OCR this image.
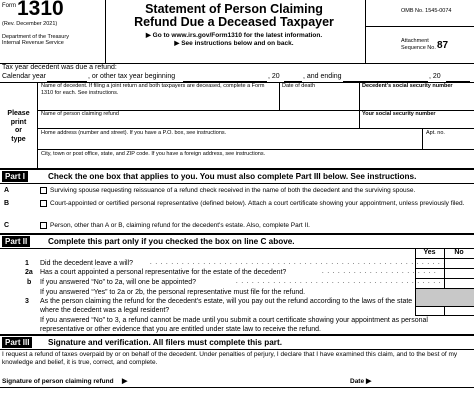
Form 1310
(Rev. December 2021)
Department of the Treasury
Internal Revenue Service
Statement of Person Claiming
Refund Due a Deceased Taxpayer
▶ Go to www.irs.gov/Form1310 for the latest information.
▶ See instructions below and on back.
OMB No. 1545-0074
Attachment
Sequence No. 87
Tax year decedent was due a refund:
Calendar year	, or other tax year beginning	, 20	, and ending	, 20
Please
print
or
type
Name of decedent. If filing a joint return and both taxpayers are deceased, complete a Form 1310 for each. See instructions.
Date of death	Decedent's social security number
Name of person claiming refund	Your social security number
Home address (number and street). If you have a P.O. box, see instructions.	Apt. no.
City, town or post office, state, and ZIP code. If you have a foreign address, see instructions.
Part I	Check the one box that applies to you. You must also complete Part III below. See instructions.
A	Surviving spouse requesting reissuance of a refund check received in the name of both the decedent and the surviving spouse.
B	Court-appointed or certified personal representative (defined below). Attach a court certificate showing your appointment, unless previously filed.
C	Person, other than A or B, claiming refund for the decedent's estate. Also, complete Part II.
Part II	Complete this part only if you checked the box on line C above.
Yes	No
1 Did the decedent leave a will?	. . . . . . . . . . . . . . . . . . . . . . . . . . . . . . . . . . . . . . . . . . . . . . . . . . . . . . . .
2a Has a court appointed a personal representative for the estate of the decedent?	. . . . . . . . . . . . . . . . . . . . . .
b If you answered “No” to 2a, will one be appointed?	. . . . . . . . . . . . . . . . . . . . . . . . . . . . . . . . . . . . . . .
If you answered “Yes” to 2a or 2b, the personal representative must file for the refund.
3 As the person claiming the refund for the decedent's estate, will you pay out the refund according to the laws of the state where the decedent was a legal resident?
If you answered “No” to 3, a refund cannot be made until you submit a court certificate showing your appointment as personal representative or other evidence that you are entitled under state law to receive the refund.
Part III	Signature and verification. All filers must complete this part.
I request a refund of taxes overpaid by or on behalf of the decedent. Under penalties of perjury, I declare that I have examined this claim, and to the best of my knowledge and belief, it is true, correct, and complete.
Signature of person claiming refund ▶	Date ▶
